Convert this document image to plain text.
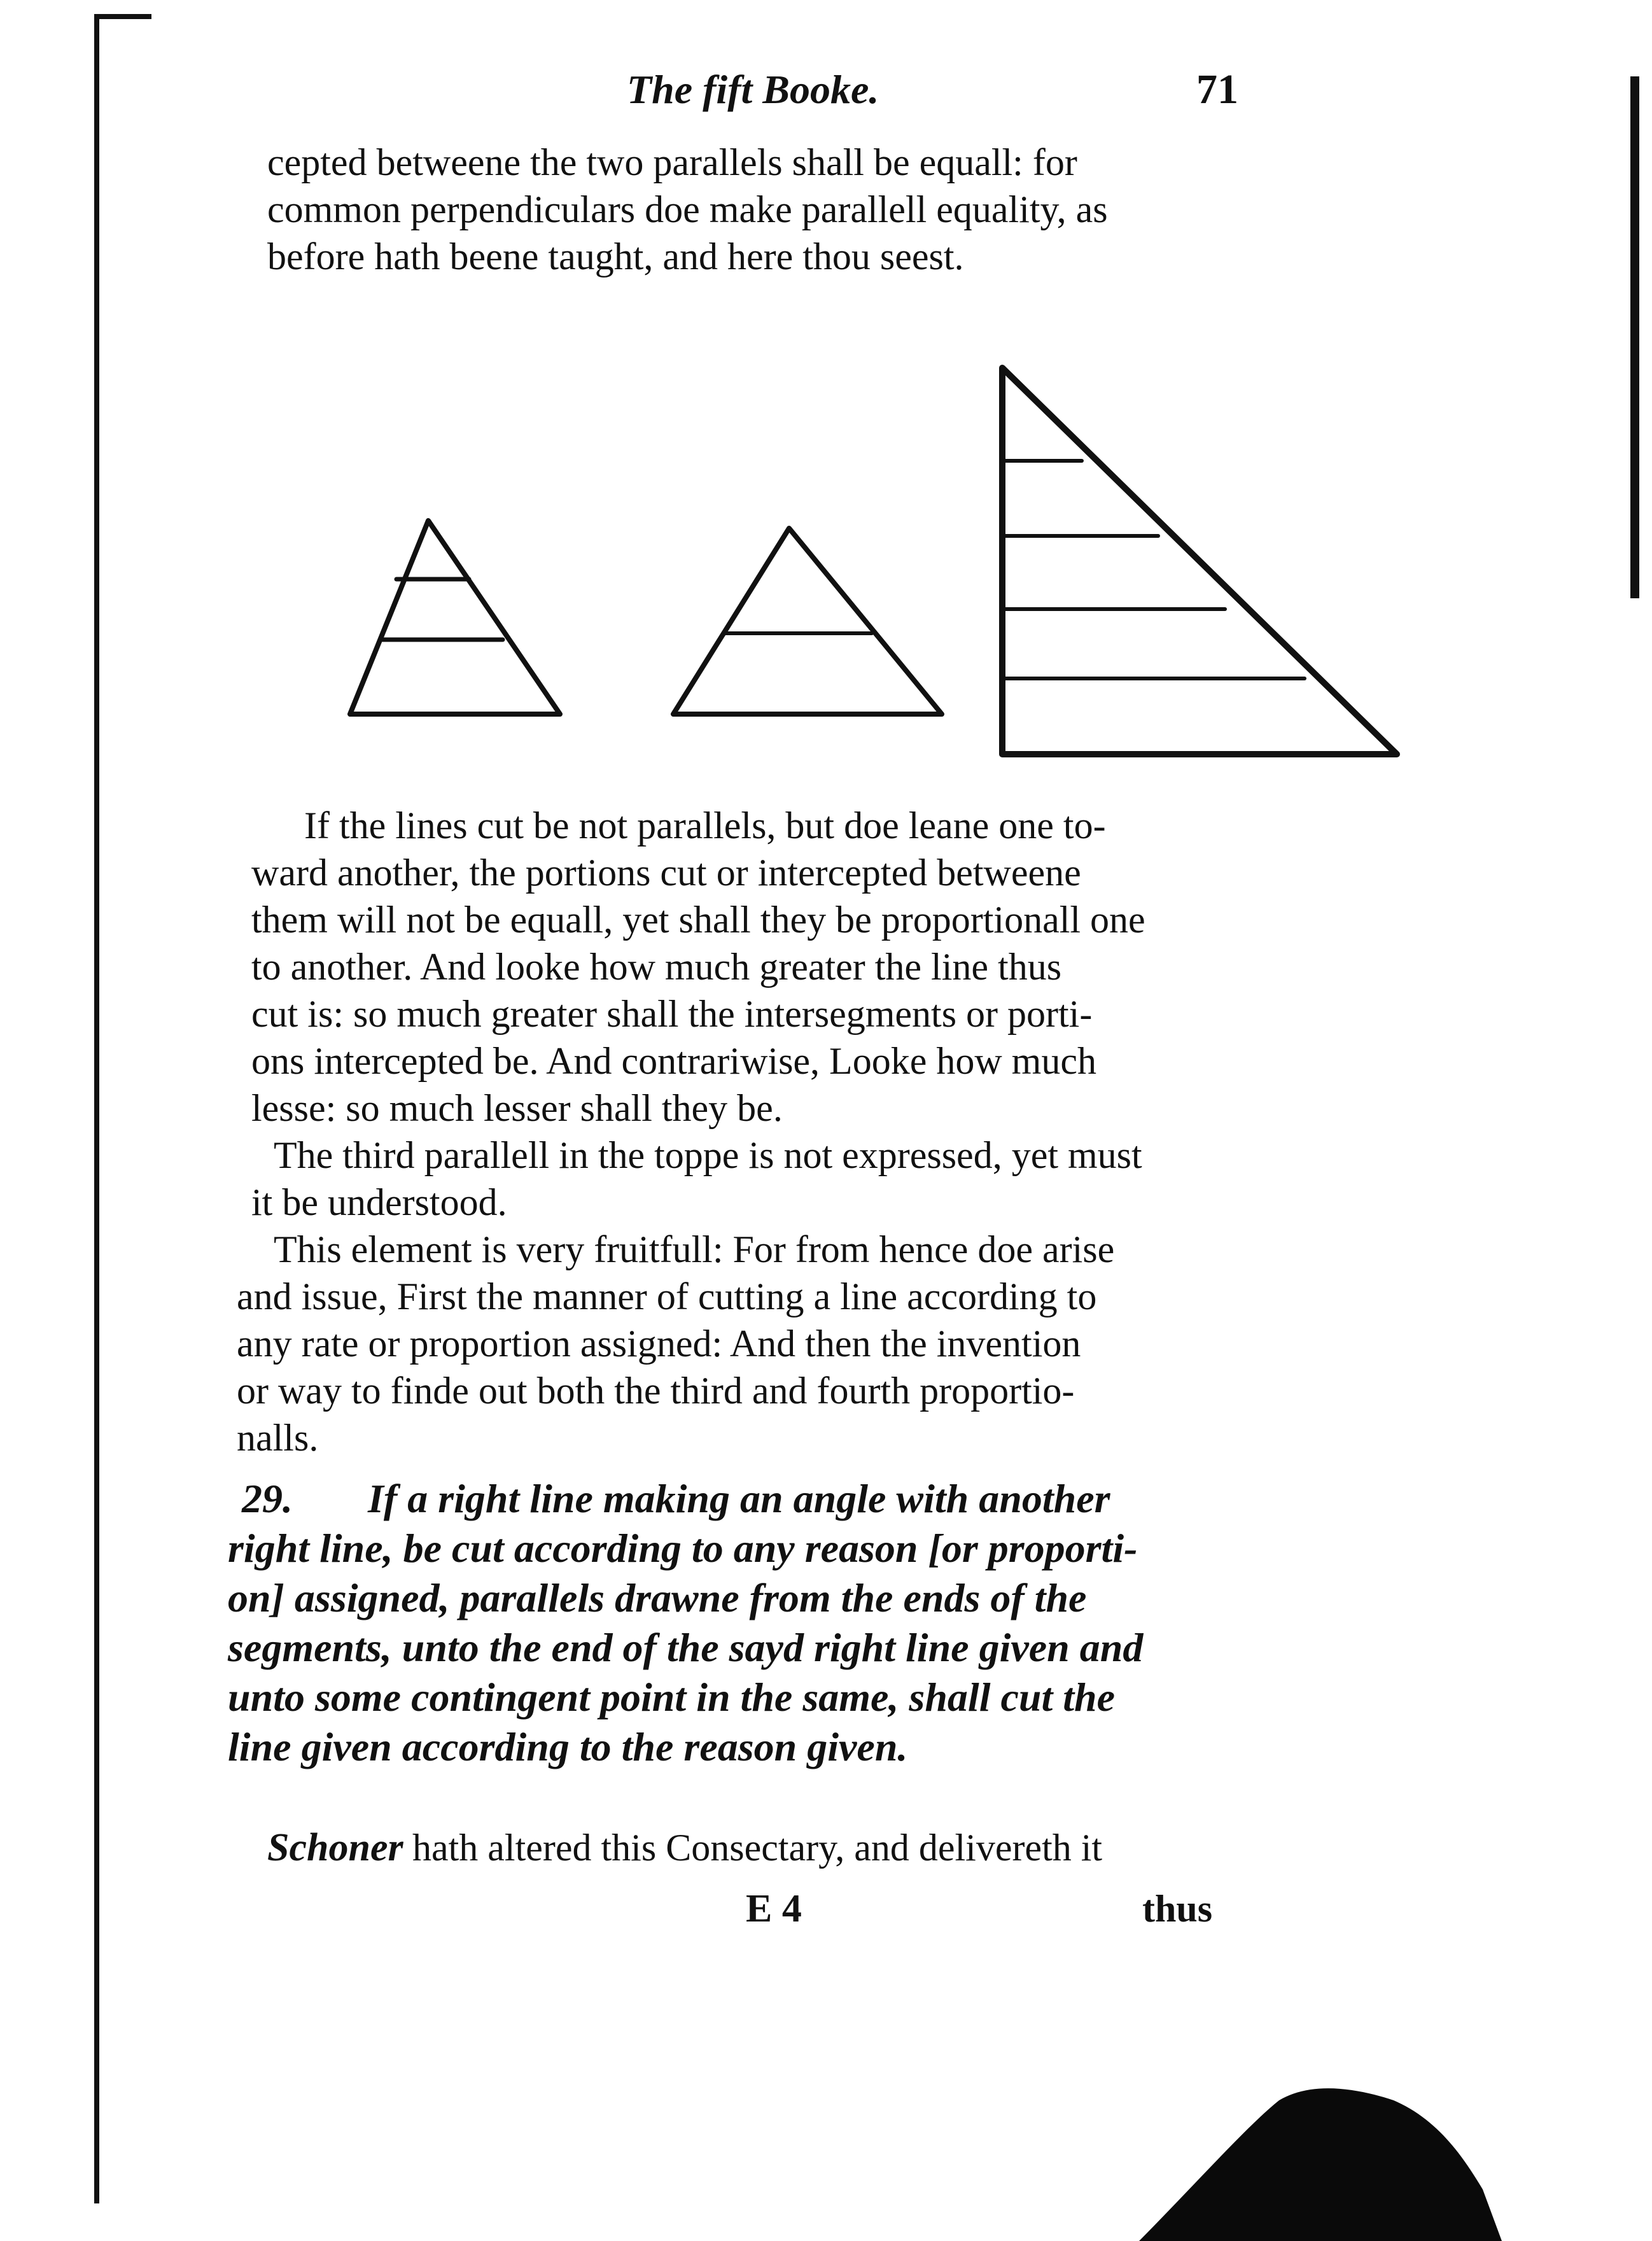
The fift Booke.	71
cepted betweene the two parallels shall be equall: for
common perpendiculars doe make parallell equality, as
before hath beene taught, and here thou seest.
If the lines cut be not parallels, but doe leane one to-
ward another, the portions cut or intercepted betweene
them will not be equall, yet shall they be proportionall one
to another. And looke how much greater the line thus
cut is: so much greater shall the intersegments or porti-
ons intercepted be. And contrariwise, Looke how much
lesse: so much lesser shall they be.
The third parallell in the toppe is not expressed, yet must
it be understood.
This element is very fruitfull: For from hence doe arise
and issue, First the manner of cutting a line according to
any rate or proportion assigned: And then the invention
or way to finde out both the third and fourth proportio-
nalls.
29. If a right line making an angle with another
right line, be cut according to any reason [or proporti-
on] assigned, parallels drawne from the ends of the
segments, unto the end of the sayd right line given and
unto some contingent point in the same, shall cut the
line given according to the reason given.
Schoner hath altered this Consectary, and delivereth it
E 4	thus
